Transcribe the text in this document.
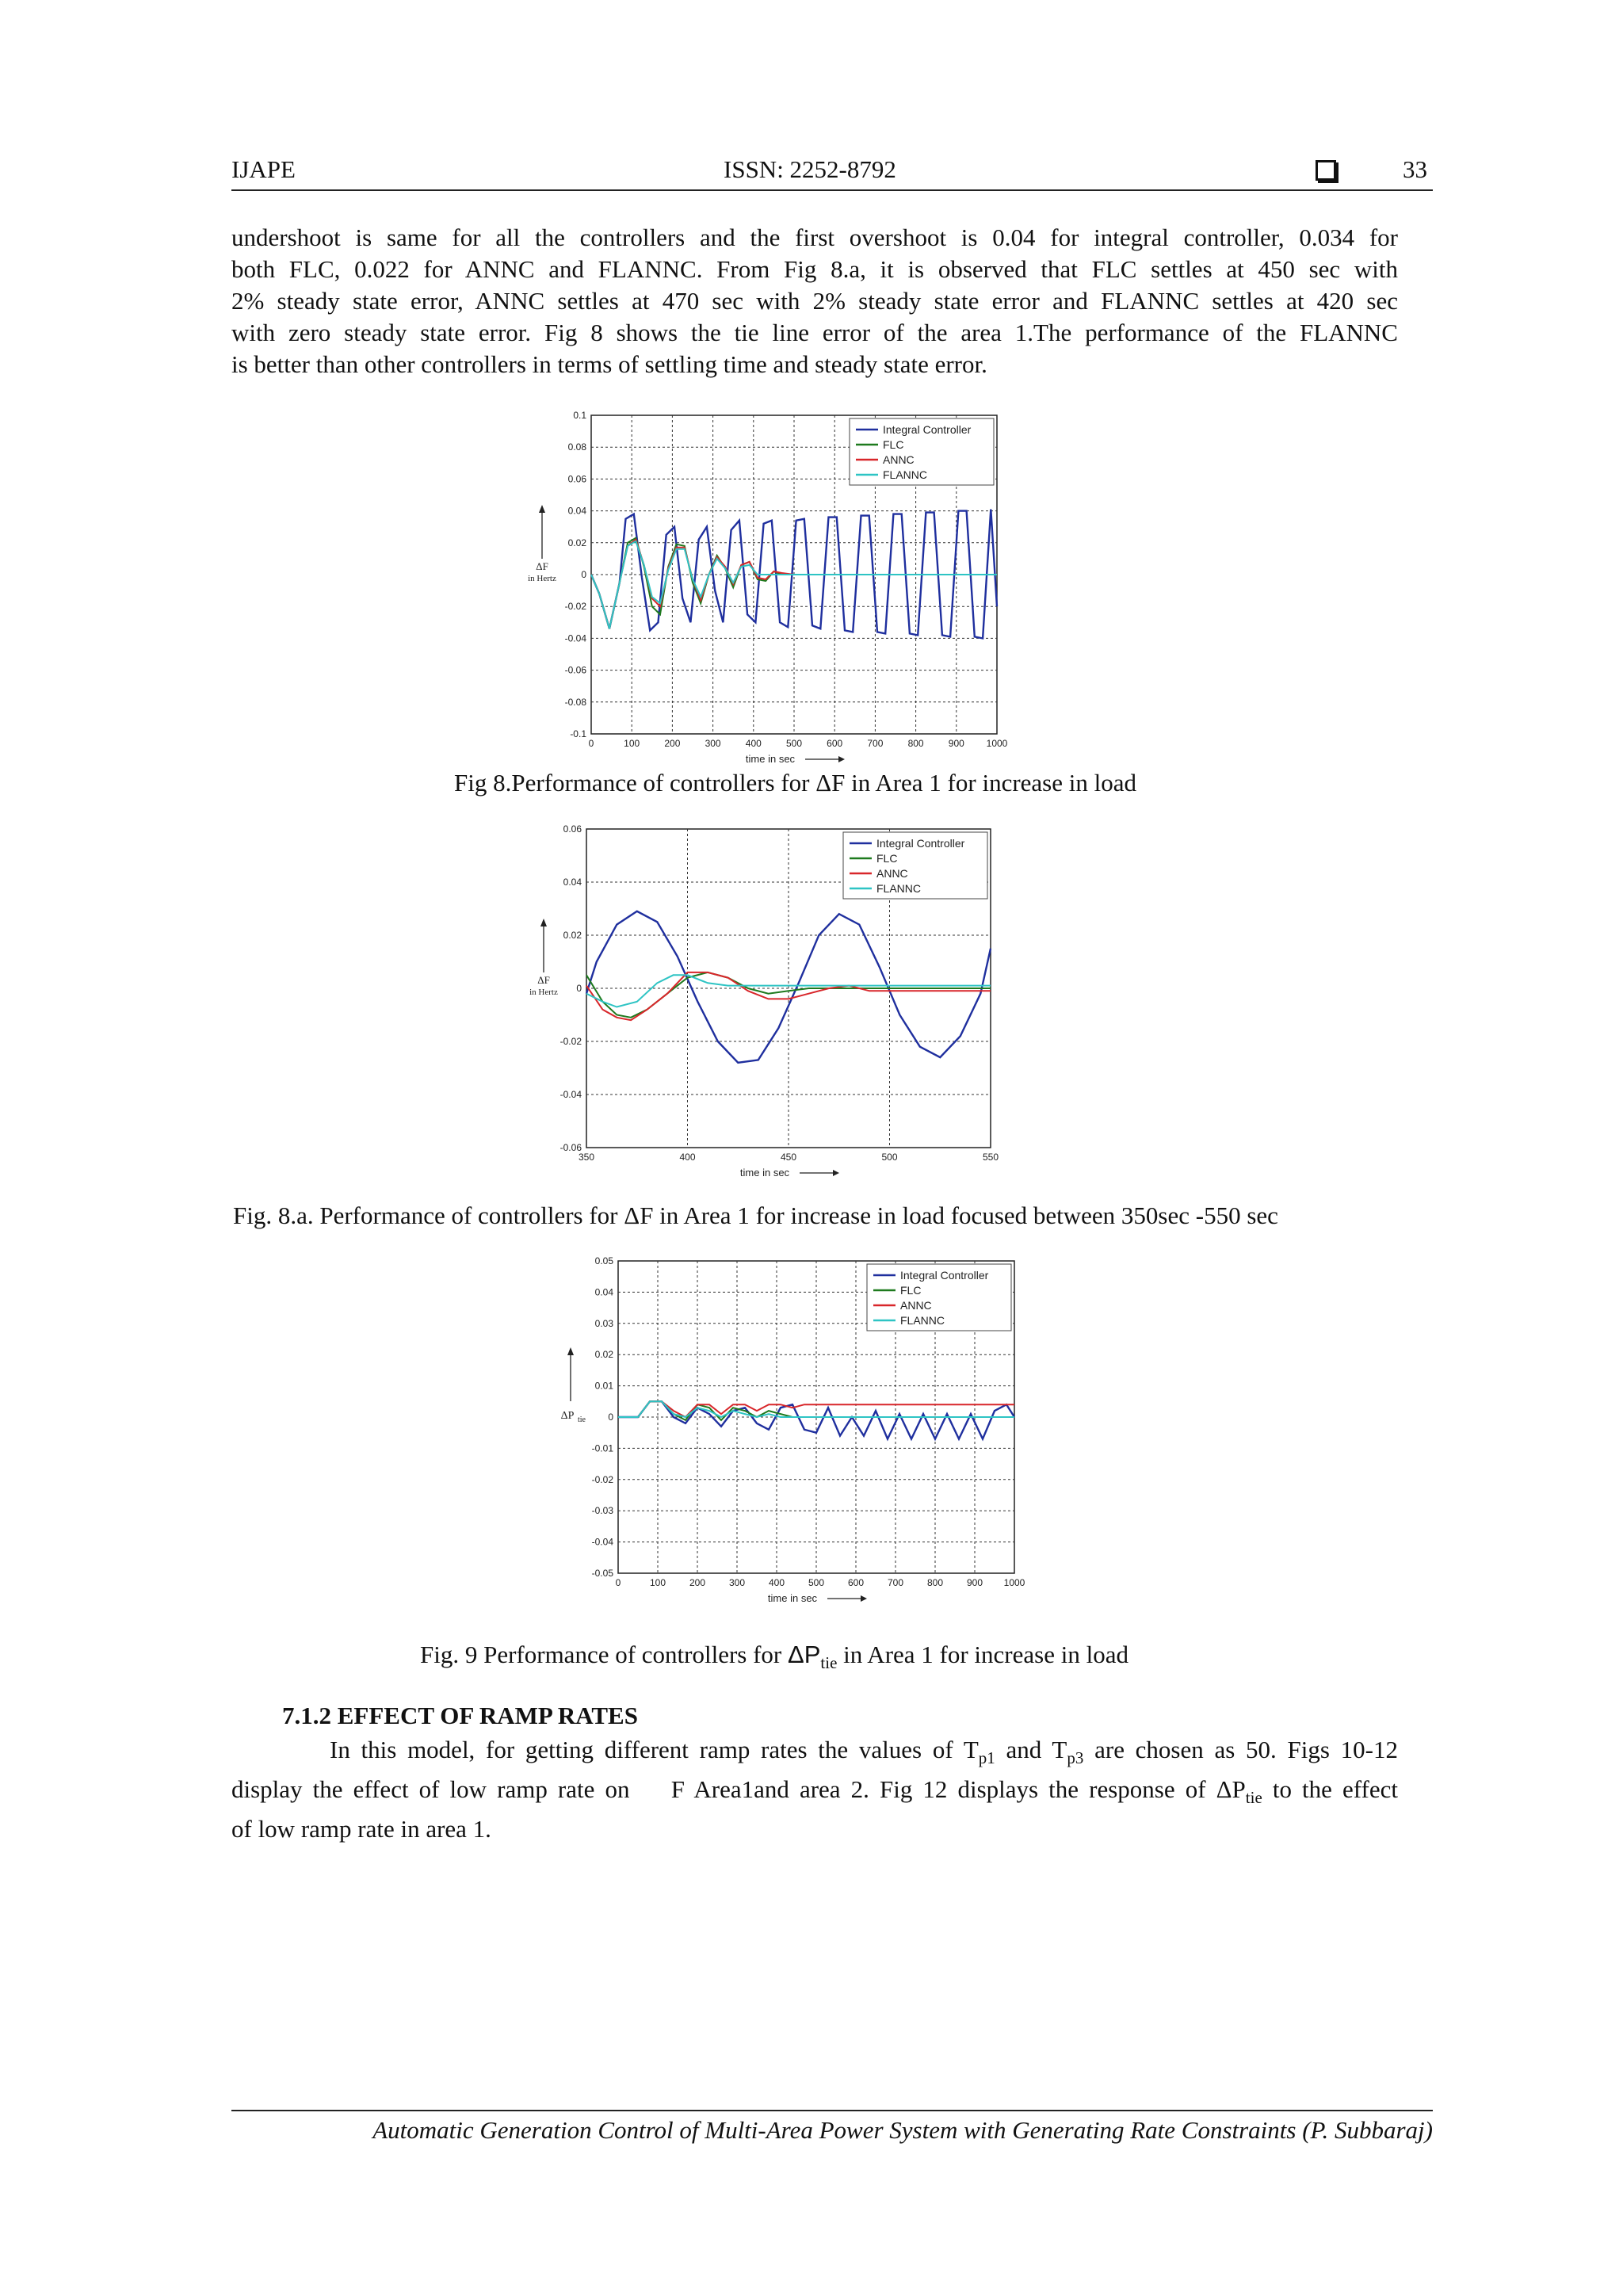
IJAPE	ISSN: 2252-8792	33

undershoot is same for all the controllers and the first overshoot is 0.04 for integral controller, 0.034 for
both FLC, 0.022 for ANNC and FLANNC. From Fig 8.a, it is observed that FLC settles at 450 sec with
2% steady state error, ANNC settles at 470 sec with 2% steady state error and FLANNC settles at 420 sec
with zero steady state error. Fig 8 shows the tie line error of the area 1.The performance of the FLANNC
is better than other controllers in terms of settling time and steady state error.

0	100	200	300	400	500	600	700	800	900 1000
0.1
0.08
0.06
0.04
0.02
0
-0.02
-0.04
-0.06
-0.08
-0.1
Integral Controller
FLC
ANNC
FLANNC
time in sec
ΔF
in Hertz

Fig 8.Performance of controllers for ΔF in Area 1 for increase in load

350	400	450	500	550
0.06
0.04
0.02
0
-0.02
-0.04
-0.06
Integral Controller
FLC
ANNC
FLANNC
time in sec
ΔF
in Hertz

Fig. 8.a. Performance of controllers for ΔF in Area 1 for increase in load focused between 350sec -550 sec

0	100 200 300 400 500 600 700 800 900 1000
0.05
0.04
0.03
0.02
0.01
0
-0.01
-0.02
-0.03
-0.04
-0.05
Integral Controller
FLC
ANNC
FLANNC
time in sec
ΔP tie

Fig. 9 Performance of controllers for $\Delta P_{tie}$ in Area 1 for increase in load

7.1.2 EFFECT OF RAMP RATES

In this model, for getting different ramp rates the values of $T_{p1}$ and $T_{p3}$ are chosen as 50. Figs 10-12
display the effect of low ramp rate on    F Area1and area 2. Fig 12 displays the response of $\Delta P_{tie}$ to the effect
of low ramp rate in area 1.

Automatic Generation Control of Multi-Area Power System with Generating Rate Constraints (P. Subbaraj)
